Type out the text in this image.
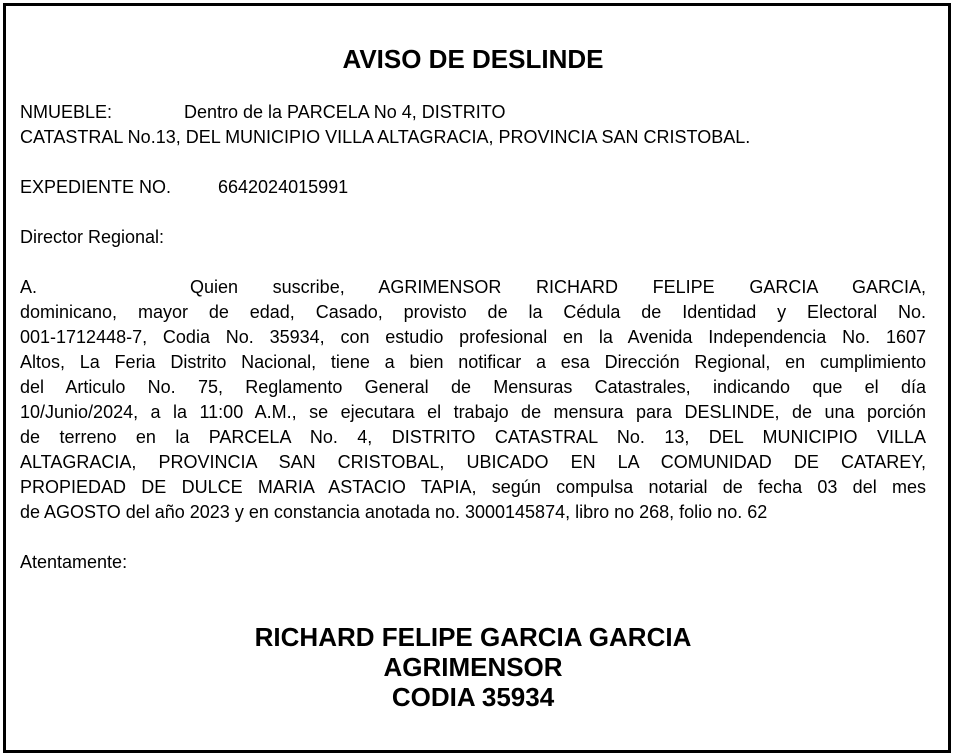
AVISO DE DESLINDE
NMUEBLE:	Dentro de la PARCELA No 4, DISTRITO
CATASTRAL No.13, DEL MUNICIPIO VILLA ALTAGRACIA, PROVINCIA SAN CRISTOBAL.
EXPEDIENTE NO.	6642024015991
Director Regional:
A.	Quien suscribe, AGRIMENSOR RICHARD FELIPE GARCIA GARCIA,
dominicano, mayor de edad, Casado, provisto de la Cédula de Identidad y Electoral No.
001-1712448-7, Codia No. 35934, con estudio profesional en la Avenida Independencia No. 1607
Altos, La Feria Distrito Nacional, tiene a bien notificar a esa Dirección Regional, en cumplimiento
del Articulo No. 75, Reglamento General de Mensuras Catastrales, indicando que el día
10/Junio/2024, a la 11:00 A.M., se ejecutara el trabajo de mensura para DESLINDE, de una porción
de terreno en la PARCELA No. 4, DISTRITO CATASTRAL No. 13, DEL MUNICIPIO VILLA
ALTAGRACIA, PROVINCIA SAN CRISTOBAL, UBICADO EN LA COMUNIDAD DE CATAREY,
PROPIEDAD DE DULCE MARIA ASTACIO TAPIA, según compulsa notarial de fecha 03 del mes
de AGOSTO del año 2023 y en constancia anotada no. 3000145874, libro no 268, folio no. 62
Atentamente:
RICHARD FELIPE GARCIA GARCIA
AGRIMENSOR
CODIA 35934
